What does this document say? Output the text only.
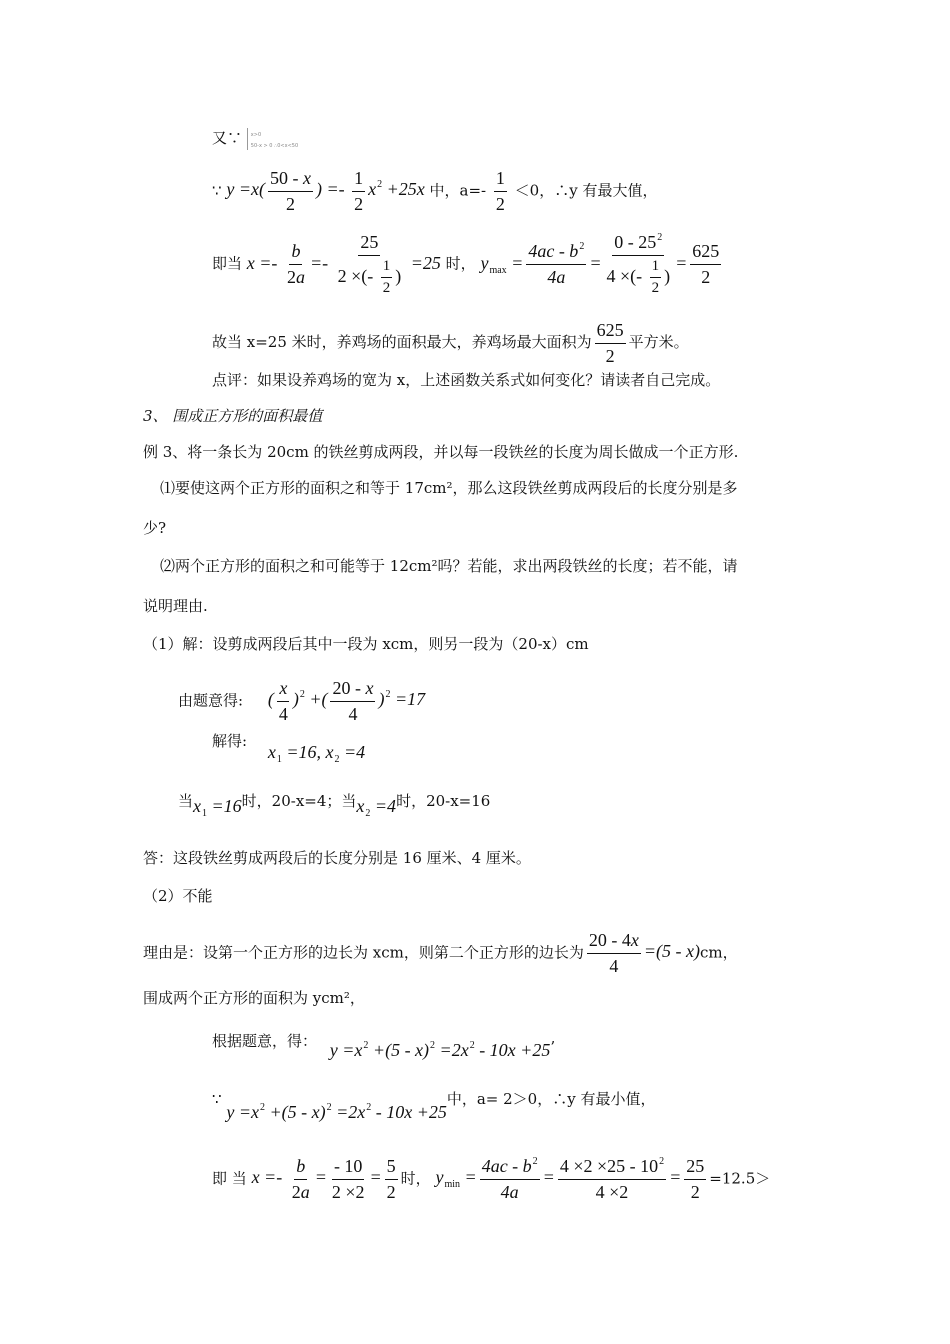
又∵ x>0
50-x > 0 ∴0<x<50
∵ $y =x( \frac{50 - x}{2}$ ) =- $\frac{1}{2} x^2 +25x$ 中，$a=- \frac{1}{2} <0$，∴y 有最大值，
即当 $x =- \frac{b}{2a} =- \frac{25}{2 \times(- \frac{1}{2} )} =25$ 时， $y_{max} = \frac{4ac - b^2}{4a} = \frac{0 - 25^2}{4 \times(- \frac{1}{2} )} = \frac{625}{2}$
故当 x=25 米时，养鸡场的面积最大，养鸡场最大面积为 $\frac{625}{2}$ 平方米。
点评：如果设养鸡场的宽为 x，上述函数关系式如何变化？请读者自己完成。
3、 围成正方形的面积最值
例 3、将一条长为 20cm 的铁丝剪成两段，并以每一段铁丝的长度为周长做成一个正方形.
⑴要使这两个正方形的面积之和等于 17cm²，那么这段铁丝剪成两段后的长度分别是多
少?
⑵两个正方形的面积之和可能等于 12cm²吗？若能，求出两段铁丝的长度；若不能，请
说明理由.
（1）解：设剪成两段后其中一段为 xcm，则另一段为（20-x）cm
由题意得: ( $\frac{x}{4} )^2$ +( $\frac{20 - x}{4} )^2 =17$
解得: $x_1 =16$, $x_2 =4$
当$x_1 =16$时，20-x=4；当$x_2 =4$时，20-x=16
答：这段铁丝剪成两段后的长度分别是 16 厘米、4 厘米。
（2）不能
理由是：设第一个正方形的边长为 xcm，则第二个正方形的边长为 $\frac{20 - 4x}{4} =(5 - x)cm$，
围成两个正方形的面积为 ycm²，
根据题意，得： $y =x^2 +(5 - x)^2 =2x^2 - 10x +25$’
∵ $y =x^2 +(5 - x)^2 =2x^2 - 10x +25$中，a= 2＞0，∴y 有最小值，
即 当 $x =- \frac{b}{2a} = \frac{- 10}{2 \times 2} = \frac{5}{2}$ 时， $y_{min} = \frac{4ac - b^2}{4a} = \frac{4 \times 2 \times 25 - 10^2}{4 \times 2} = \frac{25}{2} =12.5>$
